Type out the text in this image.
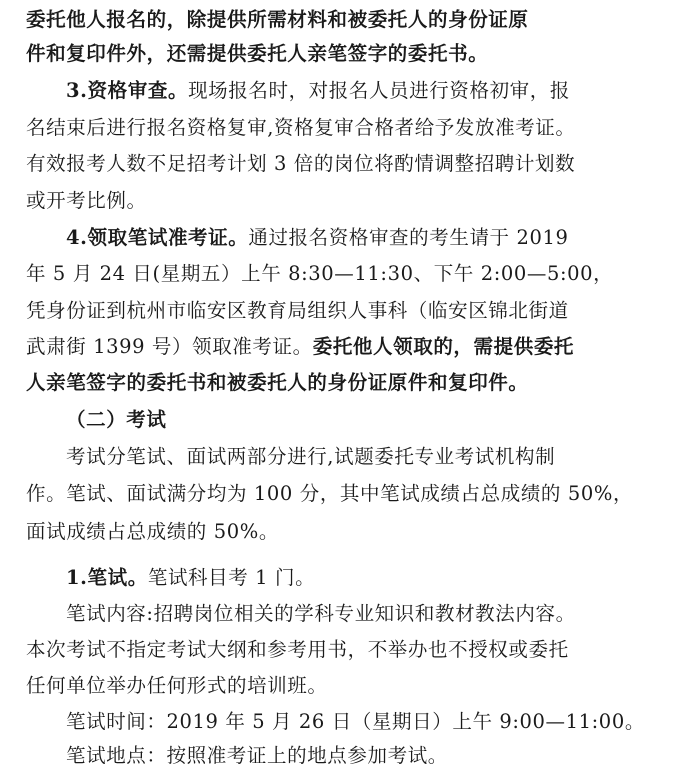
委托他人报名的，除提供所需材料和被委托人的身份证原
件和复印件外，还需提供委托人亲笔签字的委托书。
3.资格审查。现场报名时，对报名人员进行资格初审，报
名结束后进行报名资格复审,资格复审合格者给予发放准考证。
有效报考人数不足招考计划 3 倍的岗位将酌情调整招聘计划数
或开考比例。
4.领取笔试准考证。通过报名资格审查的考生请于 2019
年 5 月 24 日(星期五）上午 8:30—11:30、下午 2:00—5:00，
凭身份证到杭州市临安区教育局组织人事科（临安区锦北街道
武肃街 1399 号）领取准考证。委托他人领取的，需提供委托
人亲笔签字的委托书和被委托人的身份证原件和复印件。
（二）考试
考试分笔试、面试两部分进行,试题委托专业考试机构制
作。笔试、面试满分均为 100 分，其中笔试成绩占总成绩的 50%，
面试成绩占总成绩的 50%。
1.笔试。笔试科目考 1 门。
笔试内容:招聘岗位相关的学科专业知识和教材教法内容。
本次考试不指定考试大纲和参考用书，不举办也不授权或委托
任何单位举办任何形式的培训班。
笔试时间：2019 年 5 月 26 日（星期日）上午 9:00—11:00。
笔试地点：按照准考证上的地点参加考试。
